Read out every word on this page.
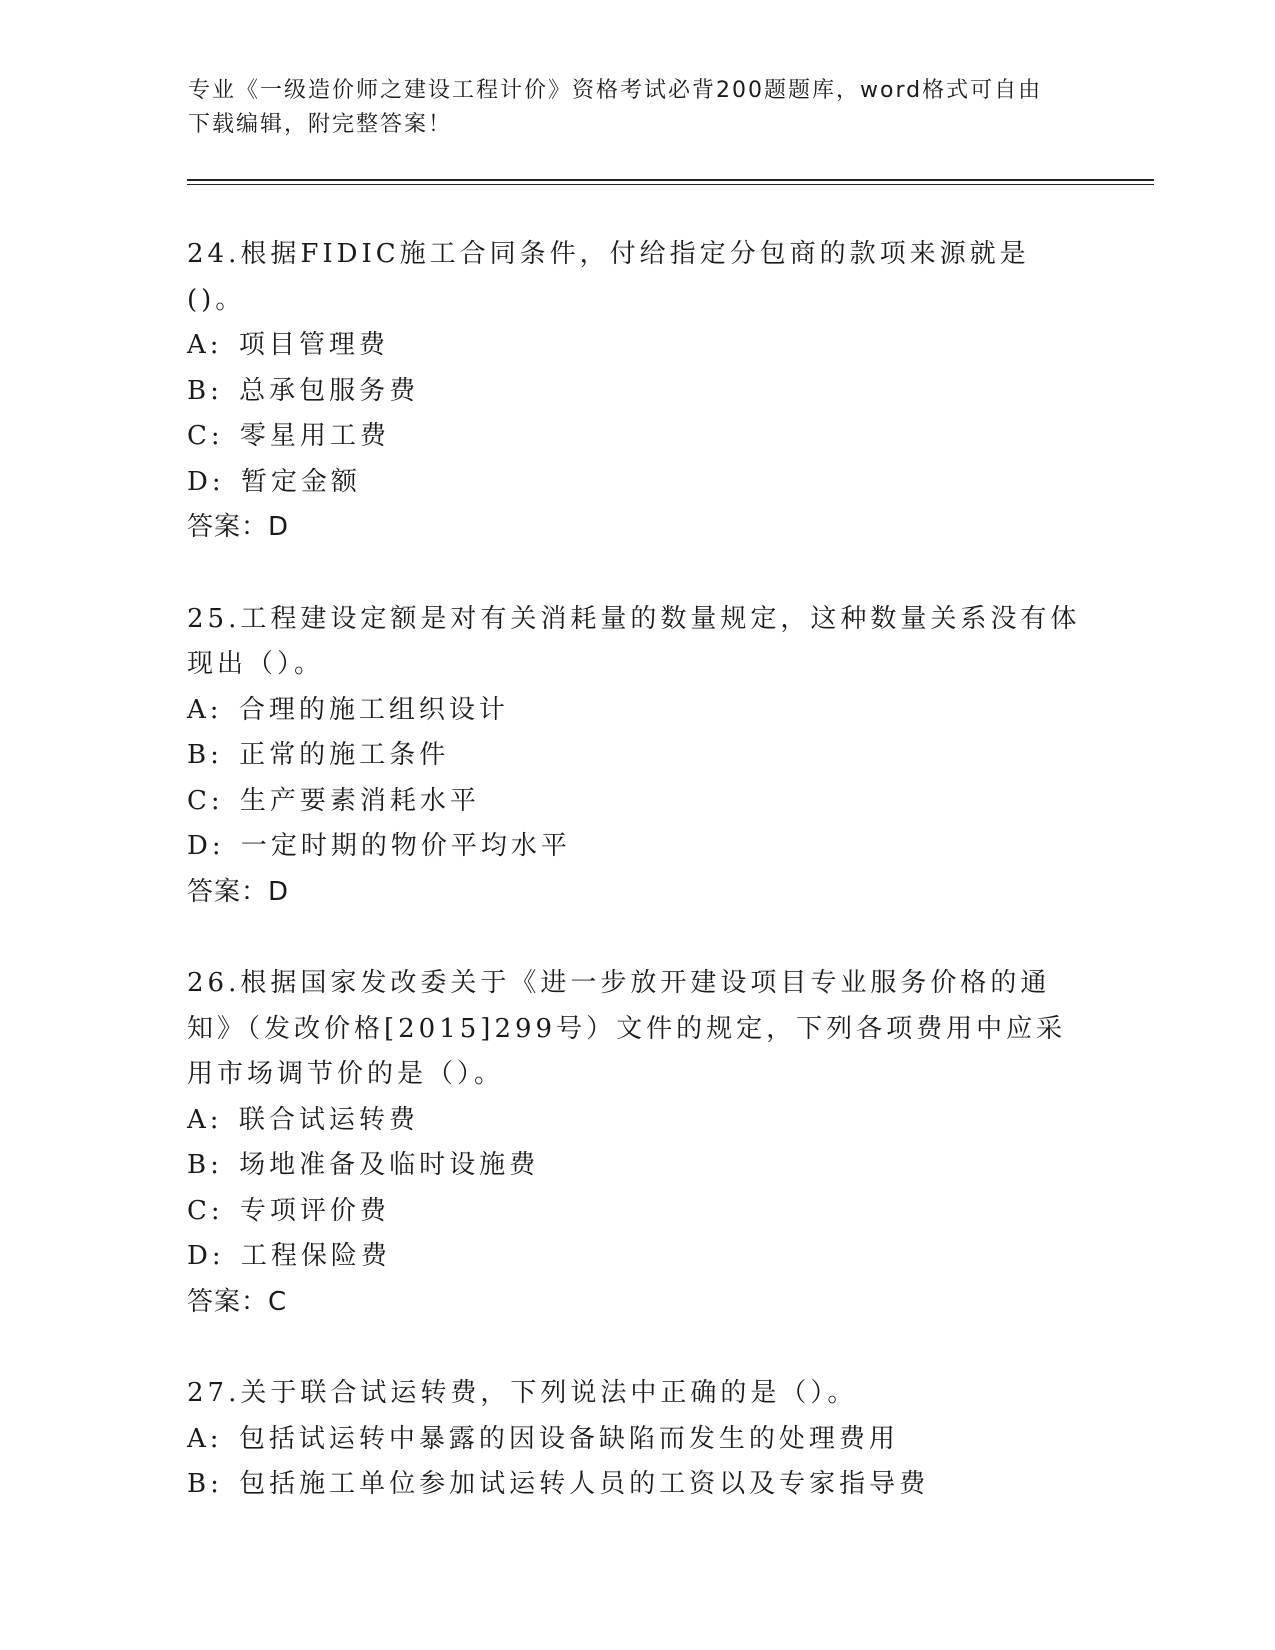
专业《一级造价师之建设工程计价》资格考试必背200题题库，word格式可自由
下载编辑，附完整答案！
24.根据FIDIC施工合同条件，付给指定分包商的款项来源就是()。
A: 项目管理费
B: 总承包服务费
C: 零星用工费
D: 暂定金额
答案：D
25.工程建设定额是对有关消耗量的数量规定，这种数量关系没有体现出（）。
A: 合理的施工组织设计
B: 正常的施工条件
C: 生产要素消耗水平
D: 一定时期的物价平均水平
答案：D
26.根据国家发改委关于《进一步放开建设项目专业服务价格的通知》（发改价格[2015]299号）文件的规定，下列各项费用中应采用市场调节价的是（）。
A: 联合试运转费
B: 场地准备及临时设施费
C: 专项评价费
D: 工程保险费
答案：C
27.关于联合试运转费，下列说法中正确的是（）。
A: 包括试运转中暴露的因设备缺陷而发生的处理费用
B: 包括施工单位参加试运转人员的工资以及专家指导费
